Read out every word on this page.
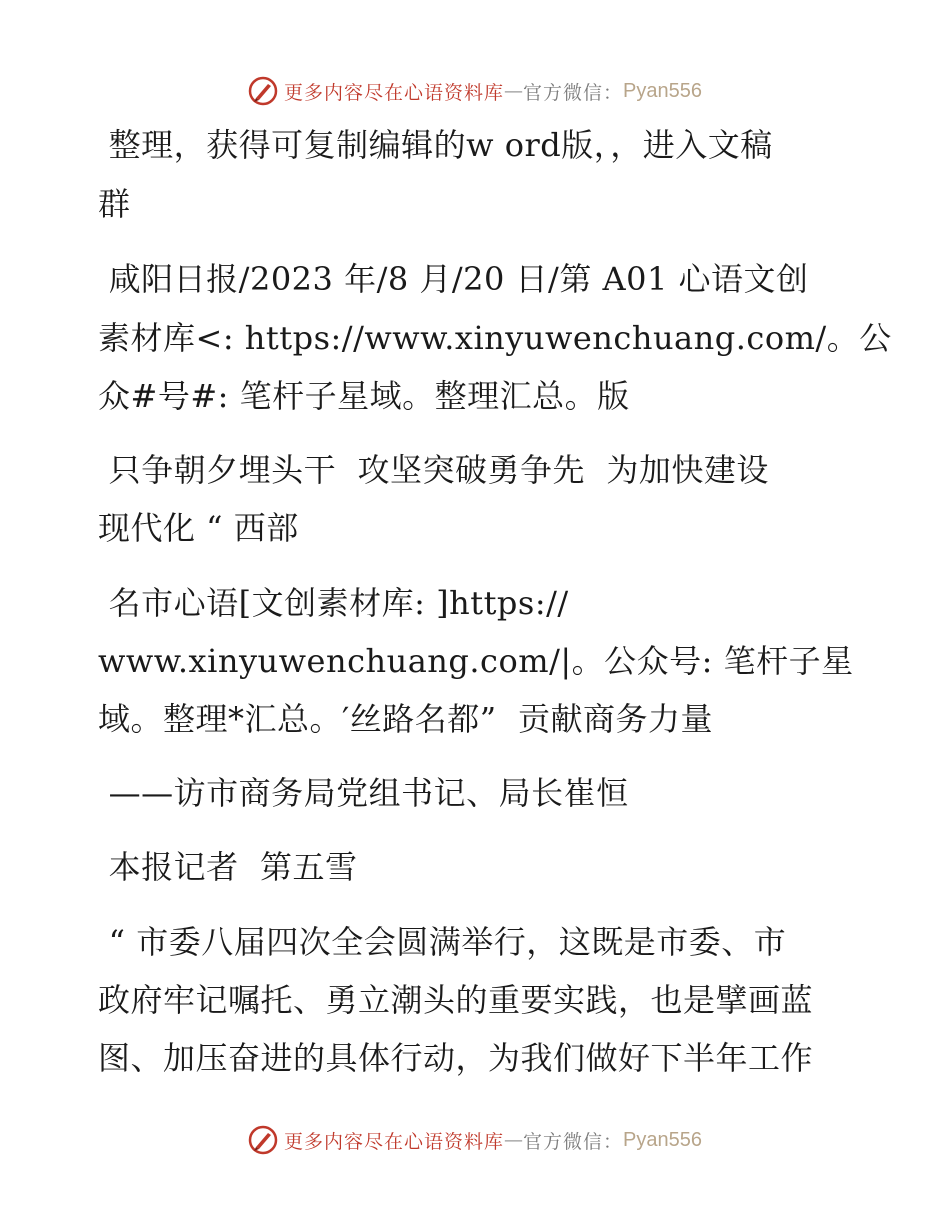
更多内容尽在心语资料库 — 官方微信： Pyan556
整理，获得可复制编辑的w ord版，，进入文稿
群
咸阳日报/2023 年/8 月/20 日/第 A01 心语文创
素材库<: https://www.xinyuwenchuang.com/。公
众#号#: 笔杆子星域。整理汇总。版
只争朝夕埋头干  攻坚突破勇争先  为加快建设
现代化 “ 西部
名市心语[文创素材库: ]https://
www.xinyuwenchuang.com/|。公众号: 笔杆子星
域。整理*汇总。′丝路名都”  贡献商务力量
——访市商务局党组书记、局长崔恒
本报记者  第五雪
“ 市委八届四次全会圆满举行，这既是市委、市
政府牢记嘱托、勇立潮头的重要实践，也是擘画蓝
图、加压奋进的具体行动，为我们做好下半年工作
更多内容尽在心语资料库 — 官方微信： Pyan556
